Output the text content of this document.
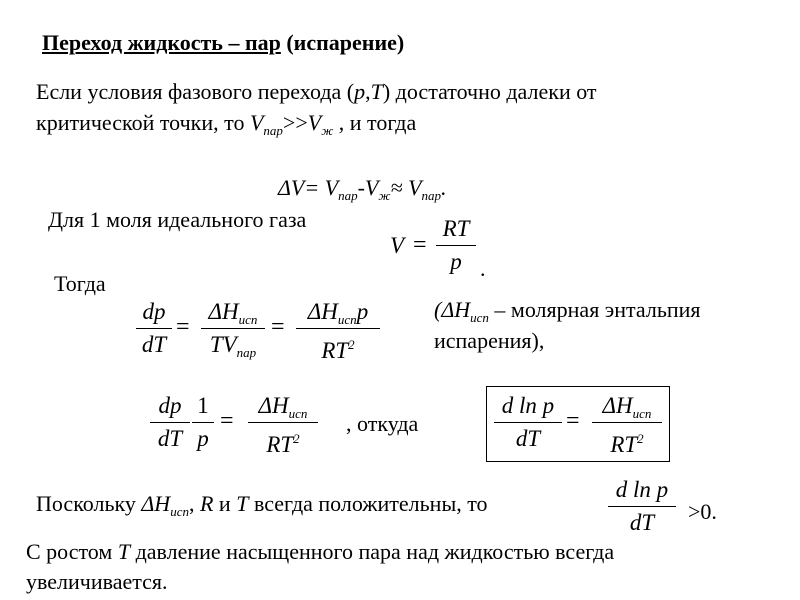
Переход жидкость – пар (испарение)
Если условия фазового перехода (p,T) достаточно далеки от
критической точки, то $V_{пар}>>V_ж$ , и тогда
$\Delta V= V_{пар}-V_ж\approx V_{пар}$.
Для 1 моля идеального газа
V =
RT
p .
Тогда
dp
dT
=
$\Delta H_{исп}$
$TV_{пар}$
=
$\Delta H_{исп}p$
$RT^2$
($\Delta H_{исп}$ – молярная энтальпия
испарения),
dp
dT
1
p
=
$\Delta H_{исп}$
$RT^2$
, откуда
d ln p
dT
=
$\Delta H_{исп}$
$RT^2$
Поскольку $\Delta H_{исп}$, R и T всегда положительны, то
d ln p
dT	>0.
С ростом T давление насыщенного пара над жидкостью всегда
увеличивается.
